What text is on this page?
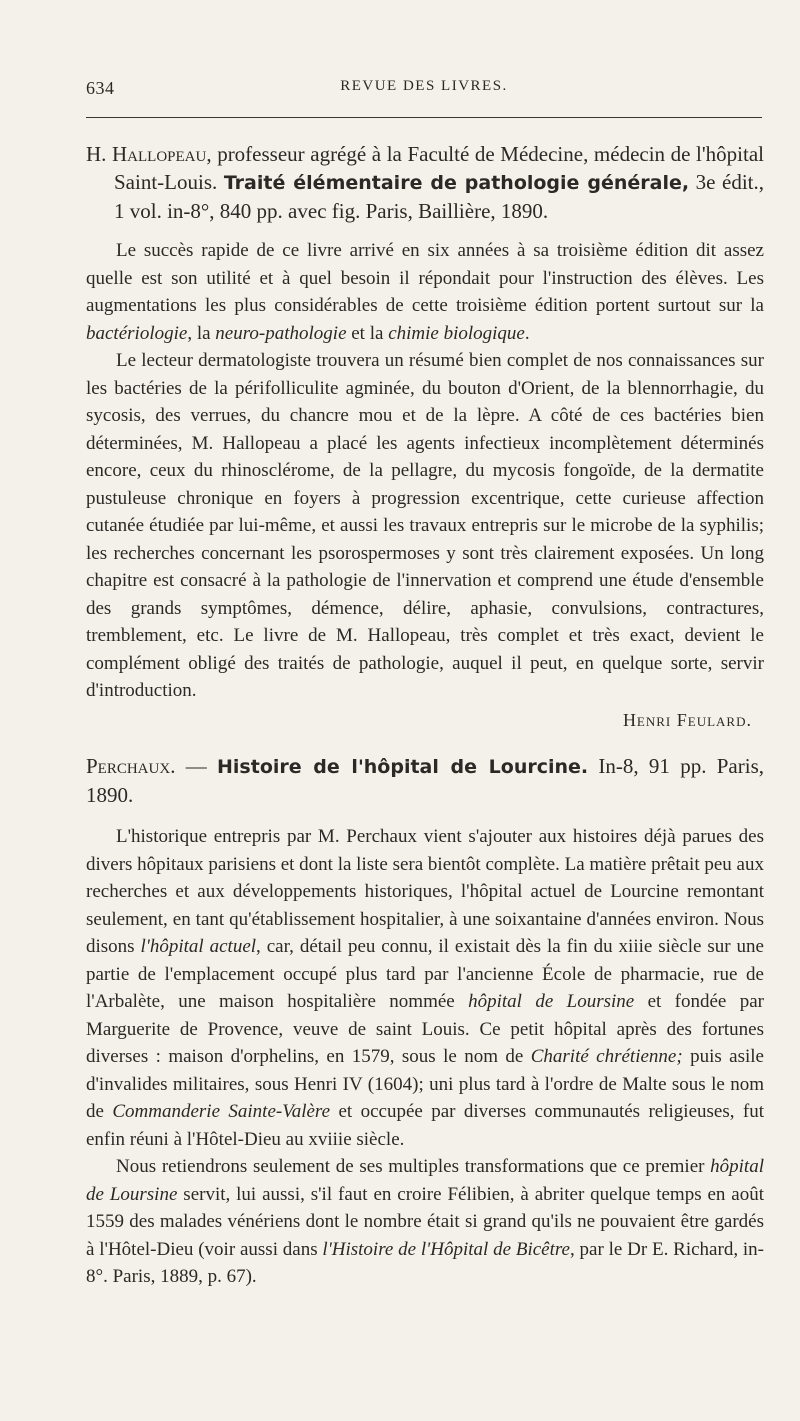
634	REVUE DES LIVRES.
H. Hallopeau, professeur agrégé à la Faculté de Médecine, médecin de l'hôpital Saint-Louis. Traité élémentaire de pathologie générale, 3e édit., 1 vol. in-8°, 840 pp. avec fig. Paris, Baillière, 1890.

Le succès rapide de ce livre arrivé en six années à sa troisième édition dit assez quelle est son utilité et à quel besoin il répondait pour l'instruction des élèves. Les augmentations les plus considérables de cette troisième édition portent surtout sur la bactériologie, la neuro-pathologie et la chimie biologique.

Le lecteur dermatologiste trouvera un résumé bien complet de nos connaissances sur les bactéries de la périfolliculite agminée, du bouton d'Orient, de la blennorrhagie, du sycosis, des verrues, du chancre mou et de la lèpre. A côté de ces bactéries bien déterminées, M. Hallopeau a placé les agents infectieux incomplètement déterminés encore, ceux du rhinosclérome, de la pellagre, du mycosis fongoïde, de la dermatite pustuleuse chronique en foyers à progression excentrique, cette curieuse affection cutanée étudiée par lui-même, et aussi les travaux entrepris sur le microbe de la syphilis; les recherches concernant les psorospermoses y sont très clairement exposées. Un long chapitre est consacré à la pathologie de l'innervation et comprend une étude d'ensemble des grands symptômes, démence, délire, aphasie, convulsions, contractures, tremblement, etc. Le livre de M. Hallopeau, très complet et très exact, devient le complément obligé des traités de pathologie, auquel il peut, en quelque sorte, servir d'introduction.

Henri Feulard.
Perchaux. — Histoire de l'hôpital de Lourcine. In-8, 91 pp. Paris, 1890.

L'historique entrepris par M. Perchaux vient s'ajouter aux histoires déjà parues des divers hôpitaux parisiens et dont la liste sera bientôt complète. La matière prêtait peu aux recherches et aux développements historiques, l'hôpital actuel de Lourcine remontant seulement, en tant qu'établissement hospitalier, à une soixantaine d'années environ. Nous disons l'hôpital actuel, car, détail peu connu, il existait dès la fin du xiiie siècle sur une partie de l'emplacement occupé plus tard par l'ancienne École de pharmacie, rue de l'Arbalète, une maison hospitalière nommée hôpital de Loursine et fondée par Marguerite de Provence, veuve de saint Louis. Ce petit hôpital après des fortunes diverses : maison d'orphelins, en 1579, sous le nom de Charité chrétienne; puis asile d'invalides militaires, sous Henri IV (1604); uni plus tard à l'ordre de Malte sous le nom de Commanderie Sainte-Valère et occupée par diverses communautés religieuses, fut enfin réuni à l'Hôtel-Dieu au xviiie siècle.

Nous retiendrons seulement de ses multiples transformations que ce premier hôpital de Loursine servit, lui aussi, s'il faut en croire Félibien, à abriter quelque temps en août 1559 des malades vénériens dont le nombre était si grand qu'ils ne pouvaient être gardés à l'Hôtel-Dieu (voir aussi dans l'Histoire de l'Hôpital de Bicêtre, par le Dr E. Richard, in-8°. Paris, 1889, p. 67).
